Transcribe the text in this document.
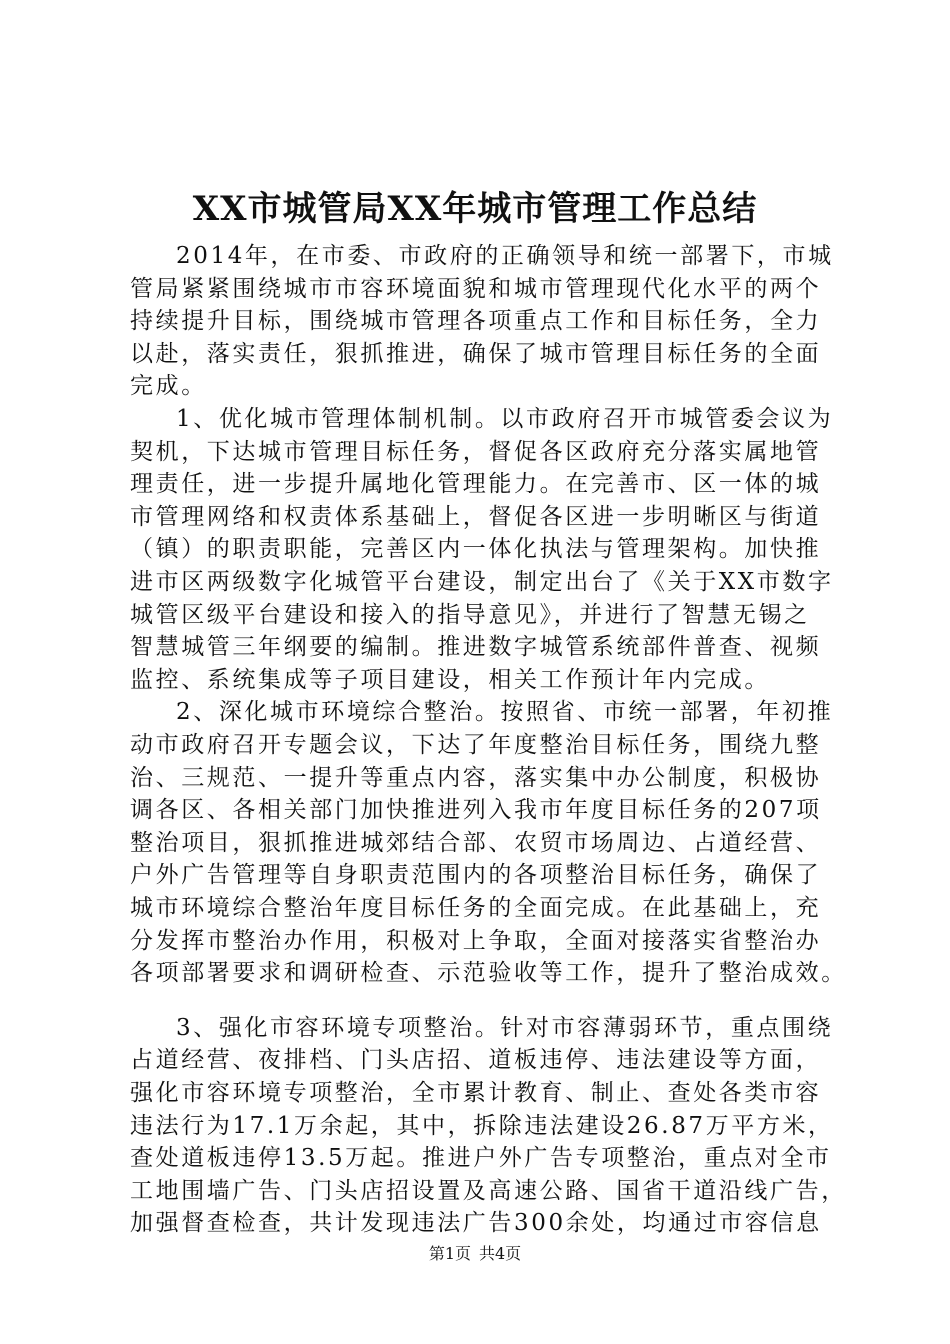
XX市城管局XX年城市管理工作总结
2014年，在市委、市政府的正确领导和统一部署下，市城
管局紧紧围绕城市市容环境面貌和城市管理现代化水平的两个
持续提升目标，围绕城市管理各项重点工作和目标任务，全力
以赴，落实责任，狠抓推进，确保了城市管理目标任务的全面
完成。
1、优化城市管理体制机制。以市政府召开市城管委会议为
契机，下达城市管理目标任务，督促各区政府充分落实属地管
理责任，进一步提升属地化管理能力。在完善市、区一体的城
市管理网络和权责体系基础上，督促各区进一步明晰区与街道
（镇）的职责职能，完善区内一体化执法与管理架构。加快推
进市区两级数字化城管平台建设，制定出台了《关于XX市数字
城管区级平台建设和接入的指导意见》，并进行了智慧无锡之
智慧城管三年纲要的编制。推进数字城管系统部件普查、视频
监控、系统集成等子项目建设，相关工作预计年内完成。
2、深化城市环境综合整治。按照省、市统一部署，年初推
动市政府召开专题会议，下达了年度整治目标任务，围绕九整
治、三规范、一提升等重点内容，落实集中办公制度，积极协
调各区、各相关部门加快推进列入我市年度目标任务的207项
整治项目，狠抓推进城郊结合部、农贸市场周边、占道经营、
户外广告管理等自身职责范围内的各项整治目标任务，确保了
城市环境综合整治年度目标任务的全面完成。在此基础上，充
分发挥市整治办作用，积极对上争取，全面对接落实省整治办
各项部署要求和调研检查、示范验收等工作，提升了整治成效。
3、强化市容环境专项整治。针对市容薄弱环节，重点围绕
占道经营、夜排档、门头店招、道板违停、违法建设等方面，
强化市容环境专项整治，全市累计教育、制止、查处各类市容
违法行为17.1万余起，其中，拆除违法建设26.87万平方米，
查处道板违停13.5万起。推进户外广告专项整治，重点对全市
工地围墙广告、门头店招设置及高速公路、国省干道沿线广告，
加强督查检查，共计发现违法广告300余处，均通过市容信息
第1页 共4页
